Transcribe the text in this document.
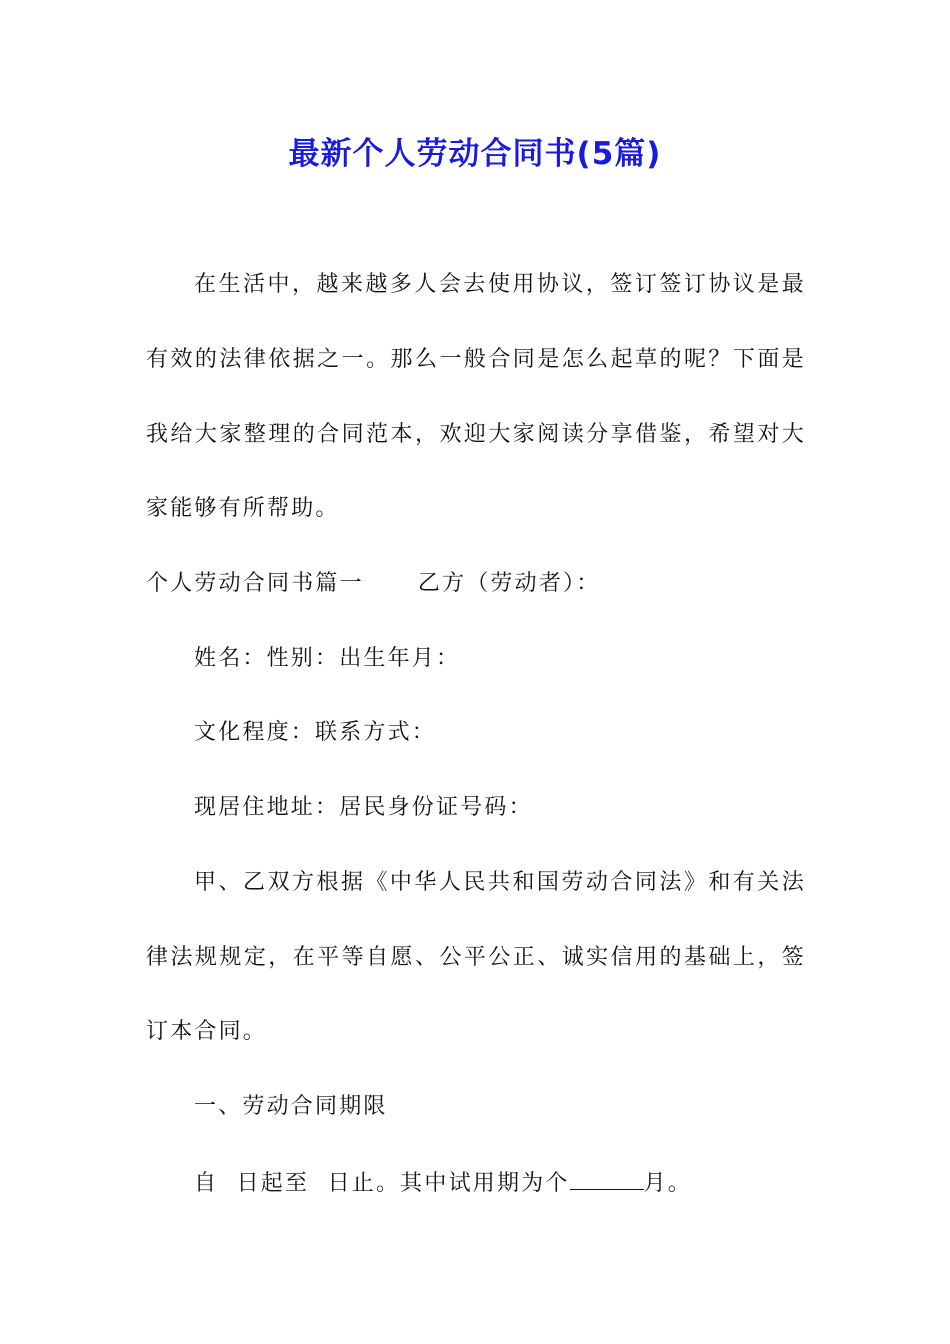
最新个人劳动合同书(5篇)
在生活中，越来越多人会去使用协议，签订签订协议是最
有效的法律依据之一。那么一般合同是怎么起草的呢？下面是
我给大家整理的合同范本，欢迎大家阅读分享借鉴，希望对大
家能够有所帮助。
个人劳动合同书篇一 乙方（劳动者）：
姓名：性别：出生年月：
文化程度：联系方式：
现居住地址：居民身份证号码：
甲、乙双方根据《中华人民共和国劳动合同法》和有关法
律法规规定，在平等自愿、公平公正、诚实信用的基础上，签
订本合同。
一、劳动合同期限
自  日起至  日止。其中试用期为个	月。
